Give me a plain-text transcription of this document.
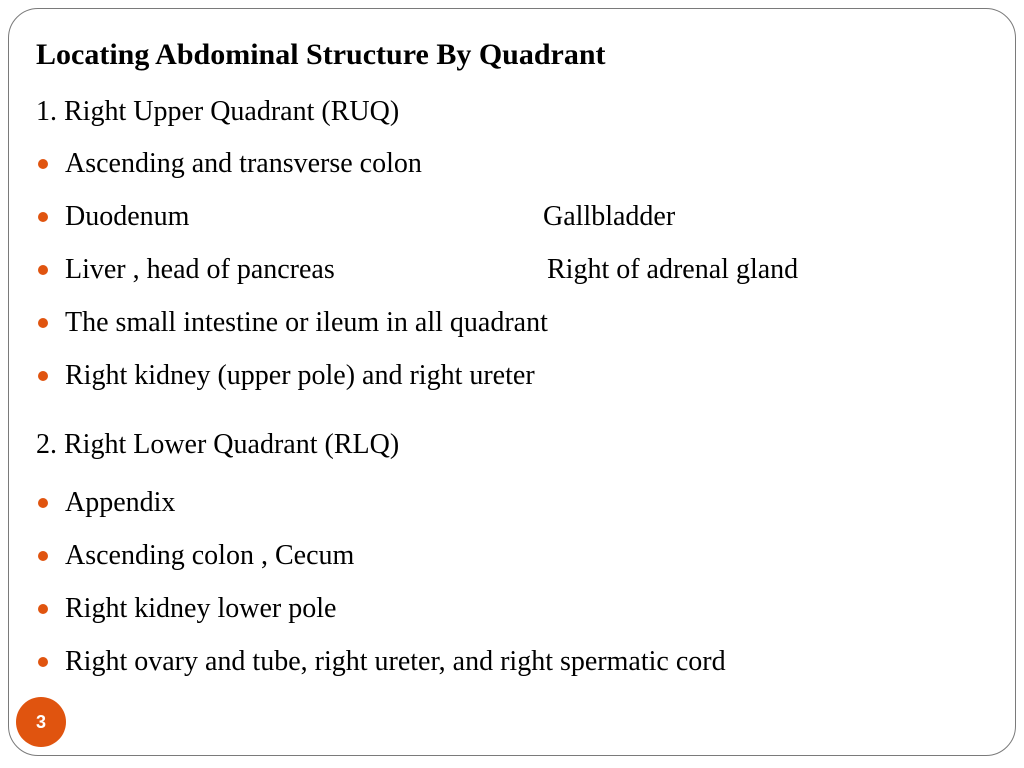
Locating Abdominal Structure By Quadrant
1. Right Upper Quadrant (RUQ)
Ascending and transverse colon
Duodenum	Gallbladder
Liver , head of pancreas	Right of adrenal gland
The small intestine or ileum in all quadrant
Right kidney (upper pole) and right ureter
2. Right Lower Quadrant (RLQ)
Appendix
Ascending colon , Cecum
Right kidney lower pole
Right ovary and tube, right ureter, and right spermatic cord
3
